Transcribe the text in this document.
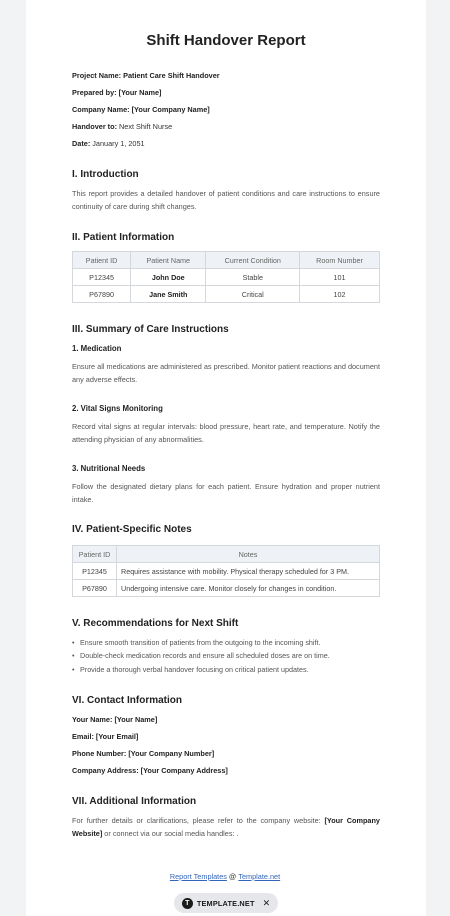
Shift Handover Report
Project Name: Patient Care Shift Handover
Prepared by: [Your Name]
Company Name: [Your Company Name]
Handover to: Next Shift Nurse
Date: January 1, 2051
I. Introduction

This report provides a detailed handover of patient conditions and care instructions to ensure continuity of care during shift changes.

II. Patient Information
Patient ID	Patient Name	Current Condition	Room Number
P12345	John Doe	Stable	101
P67890	Jane Smith	Critical	102
III. Summary of Care Instructions
1. Medication

Ensure all medications are administered as prescribed. Monitor patient reactions and document any adverse effects.

2. Vital Signs Monitoring

Record vital signs at regular intervals: blood pressure, heart rate, and temperature. Notify the attending physician of any abnormalities.

3. Nutritional Needs

Follow the designated dietary plans for each patient. Ensure hydration and proper nutrient intake.

IV. Patient-Specific Notes
Patient ID	Notes
P12345	Requires assistance with mobility. Physical therapy scheduled for 3 PM.
P67890	Undergoing intensive care. Monitor closely for changes in condition.
V. Recommendations for Next Shift
• Ensure smooth transition of patients from the outgoing to the incoming shift.
• Double-check medication records and ensure all scheduled doses are on time.
• Provide a thorough verbal handover focusing on critical patient updates.
VI. Contact Information
Your Name: [Your Name]
Email: [Your Email]
Phone Number: [Your Company Number]
Company Address: [Your Company Address]
VII. Additional Information

For further details or clarifications, please refer to the company website: [Your Company Website] or connect via our social media handles: .

Report Templates @ Template.net
T	TEMPLATE.NET ✕
